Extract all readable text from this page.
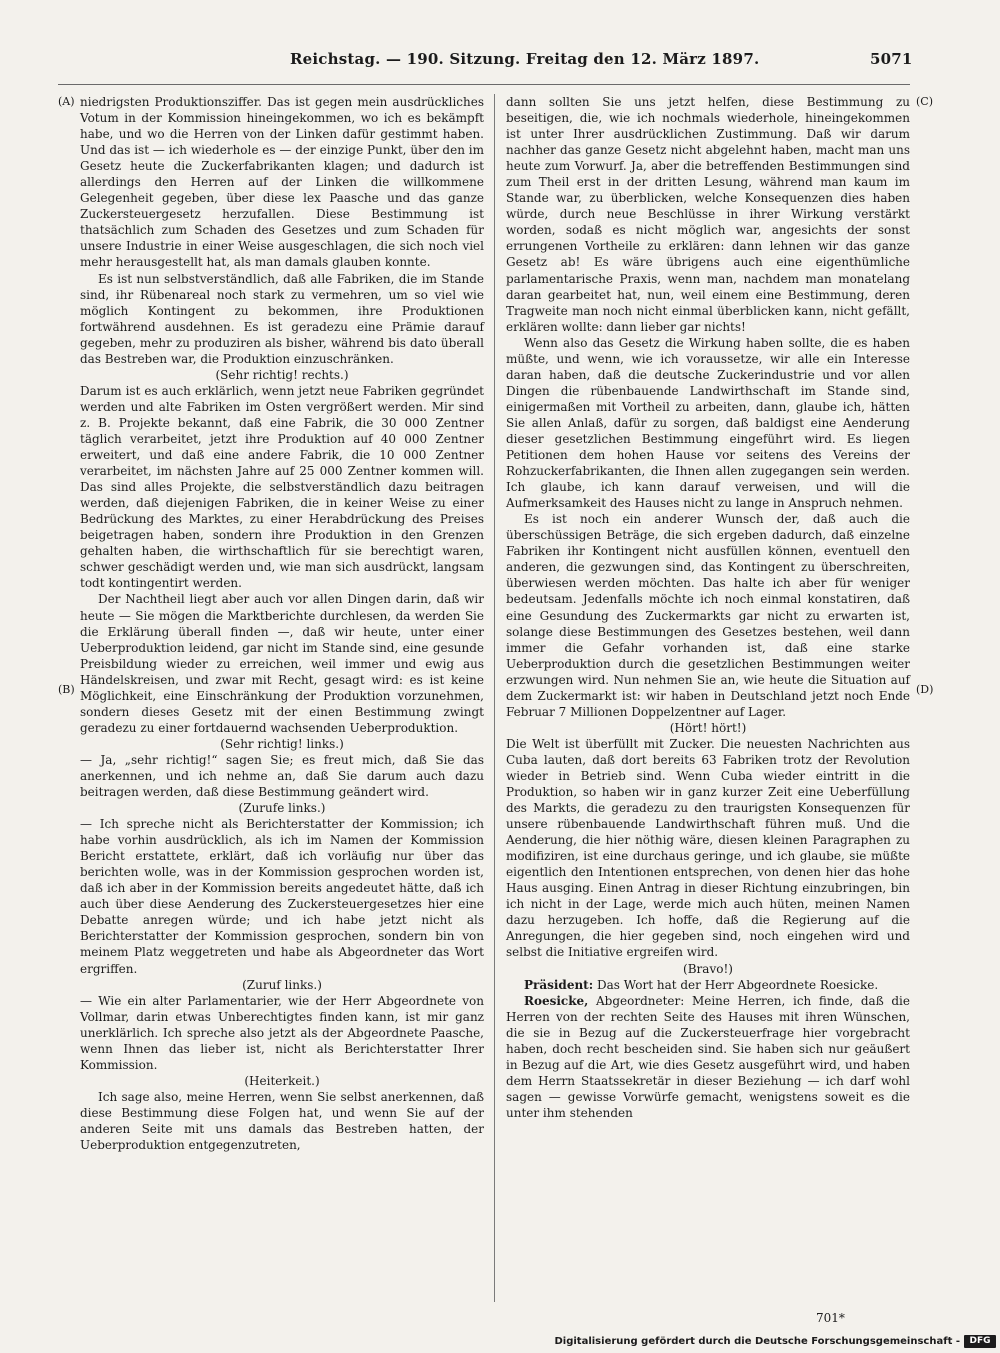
Reichstag. — 190. Sitzung. Freitag den 12. März 1897.	5071
(A)
(B)
(C)
(D)

niedrigsten Produktionsziffer. Das ist gegen mein ausdrückliches Votum in der Kommission hineingekommen, wo ich es bekämpft habe, und wo die Herren von der Linken dafür gestimmt haben. Und das ist — ich wiederhole es — der einzige Punkt, über den im Gesetz heute die Zuckerfabrikanten klagen; und dadurch ist allerdings den Herren auf der Linken die willkommene Gelegenheit gegeben, über diese lex Paasche und das ganze Zuckersteuergesetz herzufallen. Diese Bestimmung ist thatsächlich zum Schaden des Gesetzes und zum Schaden für unsere Industrie in einer Weise ausgeschlagen, die sich noch viel mehr herausgestellt hat, als man damals glauben konnte.

Es ist nun selbstverständlich, daß alle Fabriken, die im Stande sind, ihr Rübenareal noch stark zu vermehren, um so viel wie möglich Kontingent zu bekommen, ihre Produktionen fortwährend ausdehnen. Es ist geradezu eine Prämie darauf gegeben, mehr zu produziren als bisher, während bis dato überall das Bestreben war, die Produktion einzuschränken.

(Sehr richtig! rechts.)

Darum ist es auch erklärlich, wenn jetzt neue Fabriken gegründet werden und alte Fabriken im Osten vergrößert werden. Mir sind z. B. Projekte bekannt, daß eine Fabrik, die 30 000 Zentner täglich verarbeitet, jetzt ihre Produktion auf 40 000 Zentner erweitert, und daß eine andere Fabrik, die 10 000 Zentner verarbeitet, im nächsten Jahre auf 25 000 Zentner kommen will. Das sind alles Projekte, die selbstverständlich dazu beitragen werden, daß diejenigen Fabriken, die in keiner Weise zu einer Bedrückung des Marktes, zu einer Herabdrückung des Preises beigetragen haben, sondern ihre Produktion in den Grenzen gehalten haben, die wirthschaftlich für sie berechtigt waren, schwer geschädigt werden und, wie man sich ausdrückt, langsam todt kontingentirt werden.

Der Nachtheil liegt aber auch vor allen Dingen darin, daß wir heute — Sie mögen die Marktberichte durchlesen, da werden Sie die Erklärung überall finden —, daß wir heute, unter einer Ueberproduktion leidend, gar nicht im Stande sind, eine gesunde Preisbildung wieder zu erreichen, weil immer und ewig aus Händelskreisen, und zwar mit Recht, gesagt wird: es ist keine Möglichkeit, eine Einschränkung der Produktion vorzunehmen, sondern dieses Gesetz mit der einen Bestimmung zwingt geradezu zu einer fortdauernd wachsenden Ueberproduktion.

(Sehr richtig! links.)

— Ja, „sehr richtig!“ sagen Sie; es freut mich, daß Sie das anerkennen, und ich nehme an, daß Sie darum auch dazu beitragen werden, daß diese Bestimmung geändert wird.

(Zurufe links.)

— Ich spreche nicht als Berichterstatter der Kommission; ich habe vorhin ausdrücklich, als ich im Namen der Kommission Bericht erstattete, erklärt, daß ich vorläufig nur über das berichten wolle, was in der Kommission gesprochen worden ist, daß ich aber in der Kommission bereits angedeutet hätte, daß ich auch über diese Aenderung des Zuckersteuergesetzes hier eine Debatte anregen würde; und ich habe jetzt nicht als Berichterstatter der Kommission gesprochen, sondern bin von meinem Platz weggetreten und habe als Abgeordneter das Wort ergriffen.

(Zuruf links.)

— Wie ein alter Parlamentarier, wie der Herr Abgeordnete von Vollmar, darin etwas Unberechtigtes finden kann, ist mir ganz unerklärlich. Ich spreche also jetzt als der Abgeordnete Paasche, wenn Ihnen das lieber ist, nicht als Berichterstatter Ihrer Kommission.

(Heiterkeit.)

Ich sage also, meine Herren, wenn Sie selbst anerkennen, daß diese Bestimmung diese Folgen hat, und wenn Sie auf der anderen Seite mit uns damals das Bestreben hatten, der Ueberproduktion entgegenzutreten,

dann sollten Sie uns jetzt helfen, diese Bestimmung zu beseitigen, die, wie ich nochmals wiederhole, hineingekommen ist unter Ihrer ausdrücklichen Zustimmung. Daß wir darum nachher das ganze Gesetz nicht abgelehnt haben, macht man uns heute zum Vorwurf. Ja, aber die betreffenden Bestimmungen sind zum Theil erst in der dritten Lesung, während man kaum im Stande war, zu überblicken, welche Konsequenzen dies haben würde, durch neue Beschlüsse in ihrer Wirkung verstärkt worden, sodaß es nicht möglich war, angesichts der sonst errungenen Vortheile zu erklären: dann lehnen wir das ganze Gesetz ab! Es wäre übrigens auch eine eigenthümliche parlamentarische Praxis, wenn man, nachdem man monatelang daran gearbeitet hat, nun, weil einem eine Bestimmung, deren Tragweite man noch nicht einmal überblicken kann, nicht gefällt, erklären wollte: dann lieber gar nichts!

Wenn also das Gesetz die Wirkung haben sollte, die es haben müßte, und wenn, wie ich voraussetze, wir alle ein Interesse daran haben, daß die deutsche Zuckerindustrie und vor allen Dingen die rübenbauende Landwirthschaft im Stande sind, einigermaßen mit Vortheil zu arbeiten, dann, glaube ich, hätten Sie allen Anlaß, dafür zu sorgen, daß baldigst eine Aenderung dieser gesetzlichen Bestimmung eingeführt wird. Es liegen Petitionen dem hohen Hause vor seitens des Vereins der Rohzuckerfabrikanten, die Ihnen allen zugegangen sein werden. Ich glaube, ich kann darauf verweisen, und will die Aufmerksamkeit des Hauses nicht zu lange in Anspruch nehmen.

Es ist noch ein anderer Wunsch der, daß auch die überschüssigen Beträge, die sich ergeben dadurch, daß einzelne Fabriken ihr Kontingent nicht ausfüllen können, eventuell den anderen, die gezwungen sind, das Kontingent zu überschreiten, überwiesen werden möchten. Das halte ich aber für weniger bedeutsam. Jedenfalls möchte ich noch einmal konstatiren, daß eine Gesundung des Zuckermarkts gar nicht zu erwarten ist, solange diese Bestimmungen des Gesetzes bestehen, weil dann immer die Gefahr vorhanden ist, daß eine starke Ueberproduktion durch die gesetzlichen Bestimmungen weiter erzwungen wird. Nun nehmen Sie an, wie heute die Situation auf dem Zuckermarkt ist: wir haben in Deutschland jetzt noch Ende Februar 7 Millionen Doppelzentner auf Lager.

(Hört! hört!)

Die Welt ist überfüllt mit Zucker. Die neuesten Nachrichten aus Cuba lauten, daß dort bereits 63 Fabriken trotz der Revolution wieder in Betrieb sind. Wenn Cuba wieder eintritt in die Produktion, so haben wir in ganz kurzer Zeit eine Ueberfüllung des Markts, die geradezu zu den traurigsten Konsequenzen für unsere rübenbauende Landwirthschaft führen muß. Und die Aenderung, die hier nöthig wäre, diesen kleinen Paragraphen zu modifiziren, ist eine durchaus geringe, und ich glaube, sie müßte eigentlich den Intentionen entsprechen, von denen hier das hohe Haus ausging. Einen Antrag in dieser Richtung einzubringen, bin ich nicht in der Lage, werde mich auch hüten, meinen Namen dazu herzugeben. Ich hoffe, daß die Regierung auf die Anregungen, die hier gegeben sind, noch eingehen wird und selbst die Initiative ergreifen wird.

(Bravo!)

Präsident: Das Wort hat der Herr Abgeordnete Roesicke.

Roesicke, Abgeordneter: Meine Herren, ich finde, daß die Herren von der rechten Seite des Hauses mit ihren Wünschen, die sie in Bezug auf die Zuckersteuerfrage hier vorgebracht haben, doch recht bescheiden sind. Sie haben sich nur geäußert in Bezug auf die Art, wie dies Gesetz ausgeführt wird, und haben dem Herrn Staatssekretär in dieser Beziehung — ich darf wohl sagen — gewisse Vorwürfe gemacht, wenigstens soweit es die unter ihm stehenden

701*
Digitalisierung gefördert durch die Deutsche Forschungsgemeinschaft -	DFG
